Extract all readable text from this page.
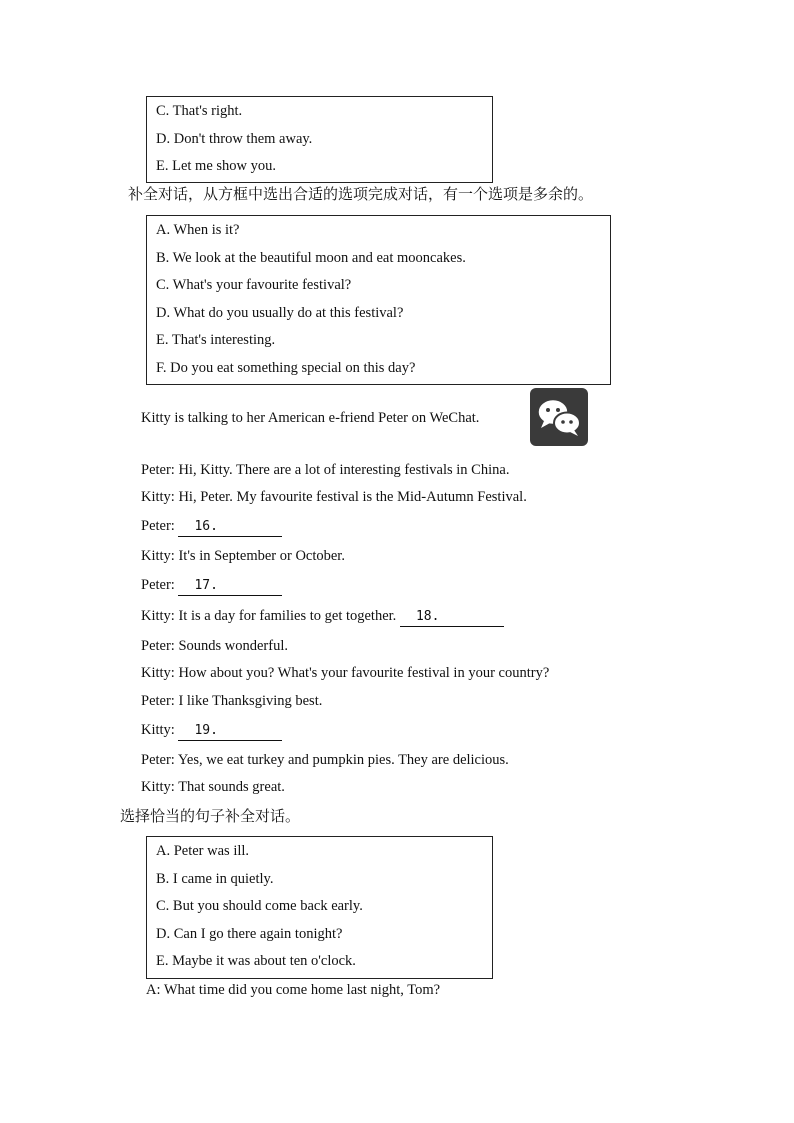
C. That's right.
D. Don't throw them away.
E. Let me show you.
补全对话，从方框中选出合适的选项完成对话，有一个选项是多余的。
A. When is it?
B. We look at the beautiful moon and eat mooncakes.
C. What's your favourite festival?
D. What do you usually do at this festival?
E. That's interesting.
F. Do you eat something special on this day?
Kitty is talking to her American e-friend Peter on WeChat.
Peter: Hi, Kitty. There are a lot of interesting festivals in China.
Kitty: Hi, Peter. My favourite festival is the Mid-Autumn Festival.
Peter: 16.
Kitty: It's in September or October.
Peter: 17.
Kitty: It is a day for families to get together. 18.
Peter: Sounds wonderful.
Kitty: How about you? What's your favourite festival in your country?
Peter: I like Thanksgiving best.
Kitty: 19.
Peter: Yes, we eat turkey and pumpkin pies. They are delicious.
Kitty: That sounds great.
选择恰当的句子补全对话。
A. Peter was ill.
B. I came in quietly.
C. But you should come back early.
D. Can I go there again tonight?
E. Maybe it was about ten o'clock.
A: What time did you come home last night, Tom?
